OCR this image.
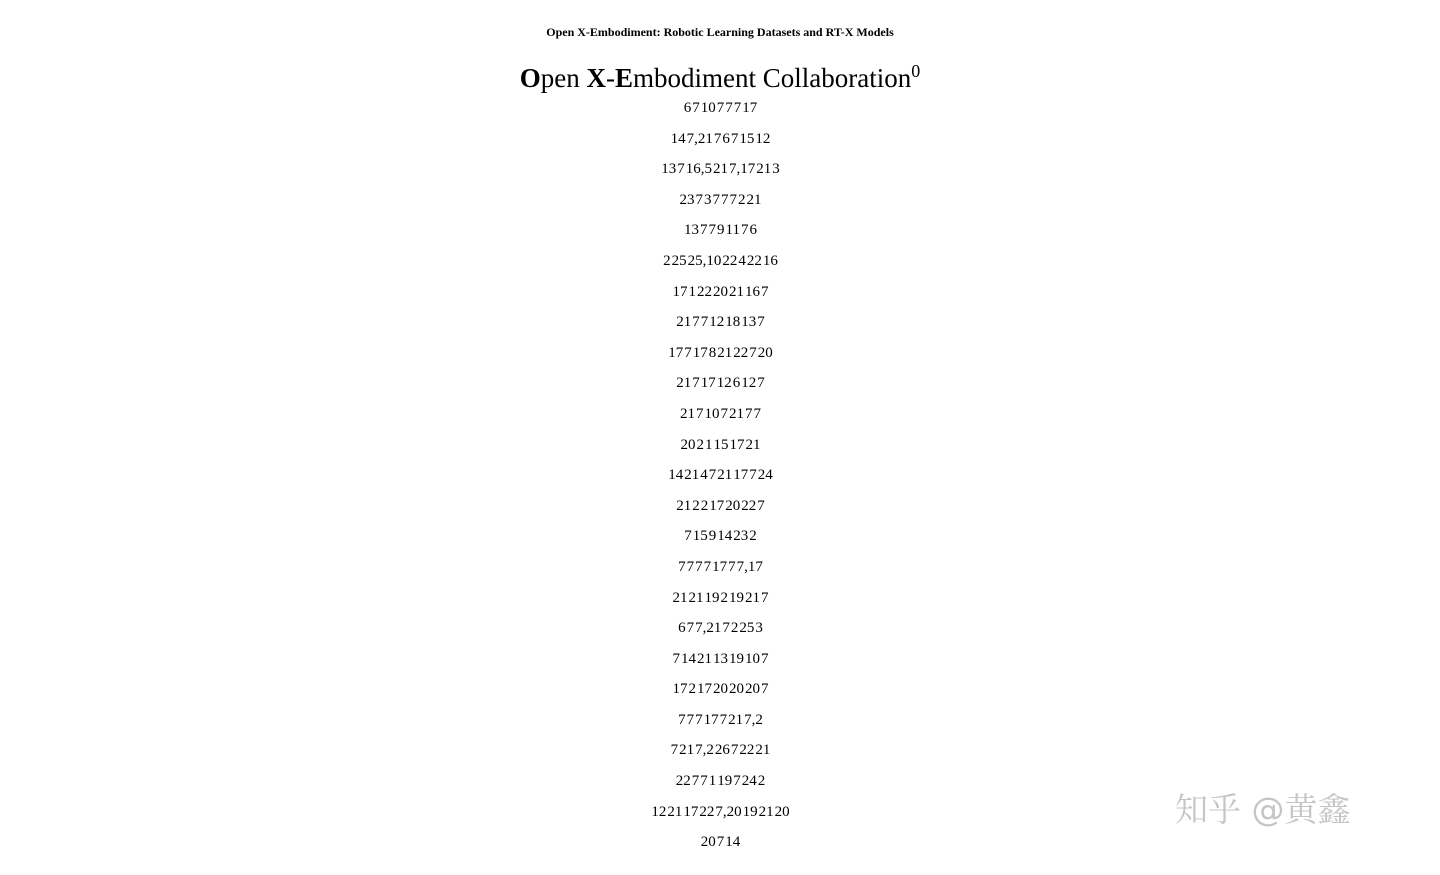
Open X-Embodiment: Robotic Learning Datasets and RT-X Models
Open X-Embodiment Collaboration$^0$
$^{671077717}$
$^{147,217671512}$
$^{13716,5217,17213}$
$^{2373777221}$
$^{137791176}$
$^{22525,102242216}$
$^{171222021167}$
$^{21771218137}$
$^{1771782122720}$
$^{21717126127}$
$^{2171072177}$
$^{2021151721}$
$^{1421472117724}$
$^{21221720227}$
$^{715914232}$
$^{77771777,17}$
$^{212119219217}$
$^{677,2172253}$
$^{714211319107}$
$^{172172020207}$
$^{777177217,2}$
$^{7217,22672221}$
$^{22771197242}$
$^{122117227,20192120}$
$^{20714}$
知乎 @黄鑫
